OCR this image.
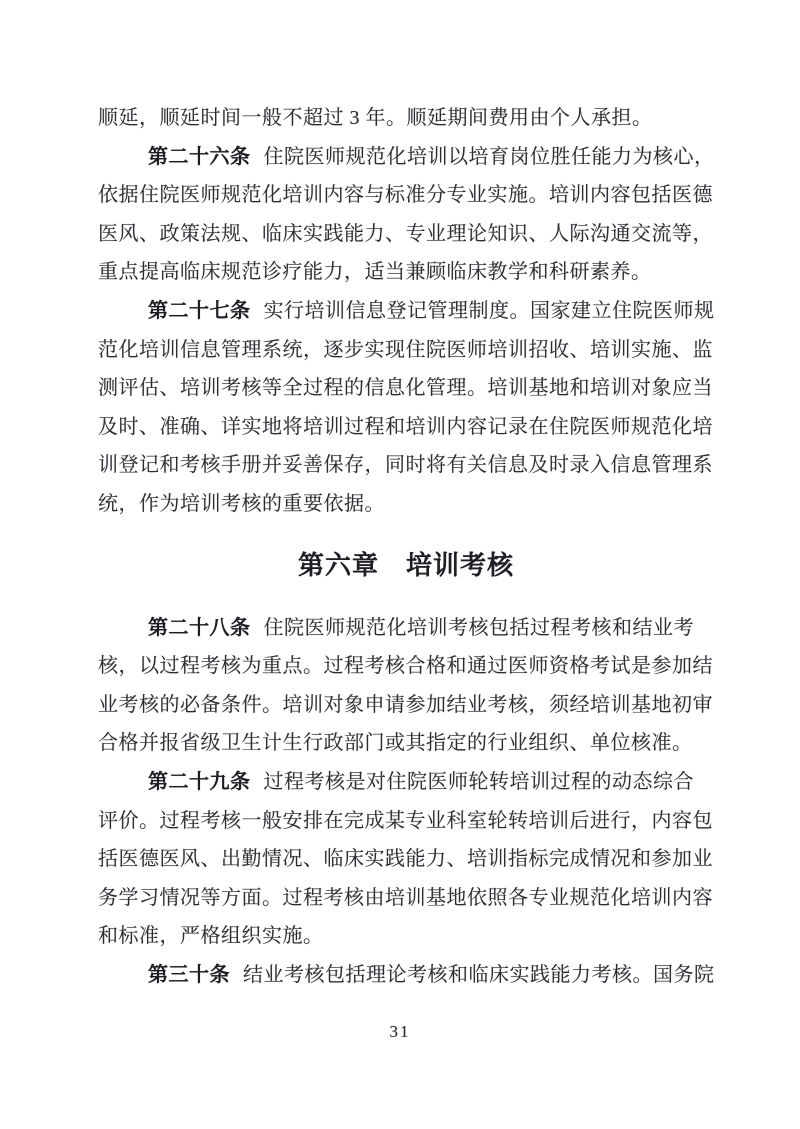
顺延，顺延时间一般不超过 3 年。顺延期间费用由个人承担。
第二十六条 住院医师规范化培训以培育岗位胜任能力为核心，
依据住院医师规范化培训内容与标准分专业实施。培训内容包括医德
医风、政策法规、临床实践能力、专业理论知识、人际沟通交流等，
重点提高临床规范诊疗能力，适当兼顾临床教学和科研素养。
第二十七条 实行培训信息登记管理制度。国家建立住院医师规
范化培训信息管理系统，逐步实现住院医师培训招收、培训实施、监
测评估、培训考核等全过程的信息化管理。培训基地和培训对象应当
及时、准确、详实地将培训过程和培训内容记录在住院医师规范化培
训登记和考核手册并妥善保存，同时将有关信息及时录入信息管理系
统，作为培训考核的重要依据。
第六章　培训考核
第二十八条 住院医师规范化培训考核包括过程考核和结业考
核，以过程考核为重点。过程考核合格和通过医师资格考试是参加结
业考核的必备条件。培训对象申请参加结业考核，须经培训基地初审
合格并报省级卫生计生行政部门或其指定的行业组织、单位核准。
第二十九条 过程考核是对住院医师轮转培训过程的动态综合
评价。过程考核一般安排在完成某专业科室轮转培训后进行，内容包
括医德医风、出勤情况、临床实践能力、培训指标完成情况和参加业
务学习情况等方面。过程考核由培训基地依照各专业规范化培训内容
和标准，严格组织实施。
第三十条 结业考核包括理论考核和临床实践能力考核。国务院
31
